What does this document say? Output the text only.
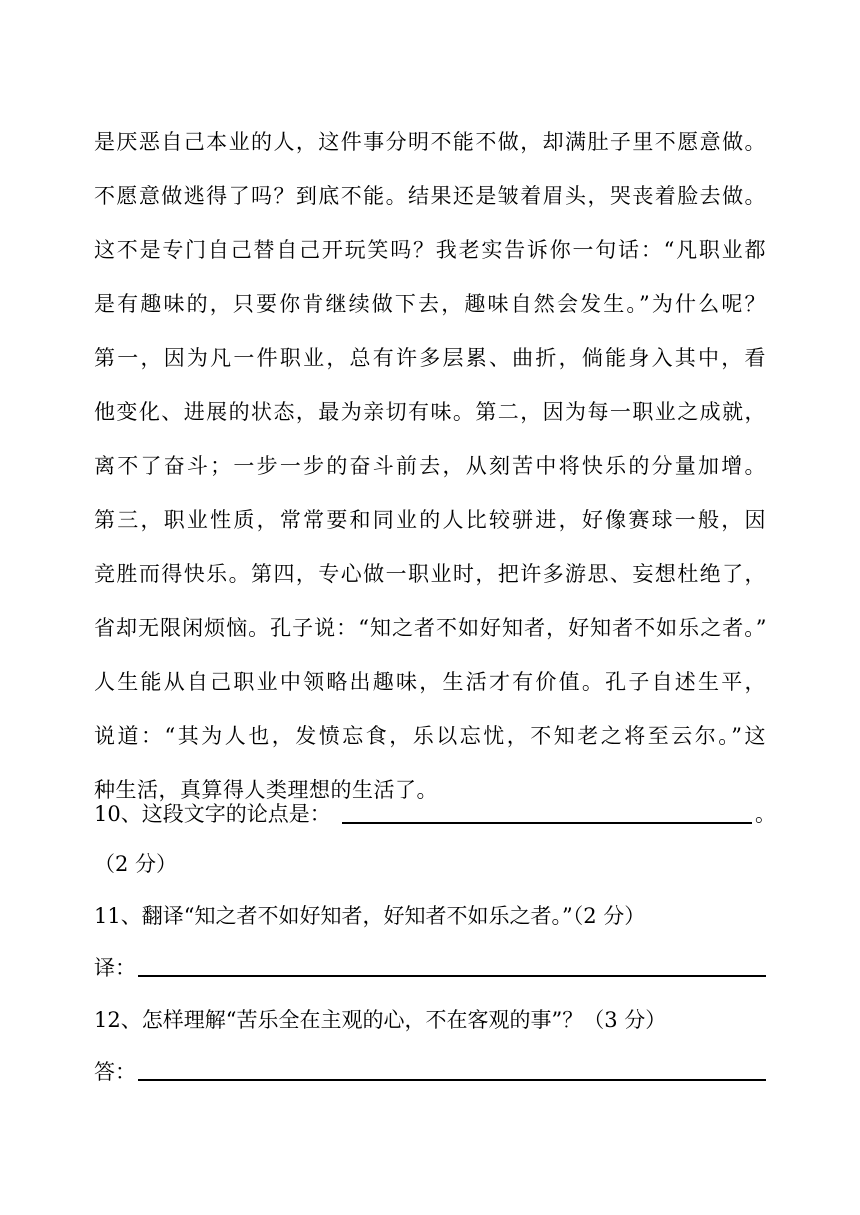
是厌恶自己本业的人，这件事分明不能不做，却满肚子里不愿意做。
不愿意做逃得了吗？到底不能。结果还是皱着眉头，哭丧着脸去做。
这不是专门自己替自己开玩笑吗？我老实告诉你一句话：“凡职业都
是有趣味的，只要你肯继续做下去，趣味自然会发生。”为什么呢？
第一，因为凡一件职业，总有许多层累、曲折，倘能身入其中，看
他变化、进展的状态，最为亲切有味。第二，因为每一职业之成就，
离不了奋斗；一步一步的奋斗前去，从刻苦中将快乐的分量加增。
第三，职业性质，常常要和同业的人比较骈进，好像赛球一般，因
竞胜而得快乐。第四，专心做一职业时，把许多游思、妄想杜绝了，
省却无限闲烦恼。孔子说：“知之者不如好知者，好知者不如乐之者。”
人生能从自己职业中领略出趣味，生活才有价值。孔子自述生平，
说道：“其为人也，发愤忘食，乐以忘忧，不知老之将至云尔。”这
种生活，真算得人类理想的生活了。
10、这段文字的论点是：	。
（2 分）
11、翻译“知之者不如好知者，好知者不如乐之者。”（2 分）
译：
12、怎样理解“苦乐全在主观的心，不在客观的事”？（3 分）
答：
